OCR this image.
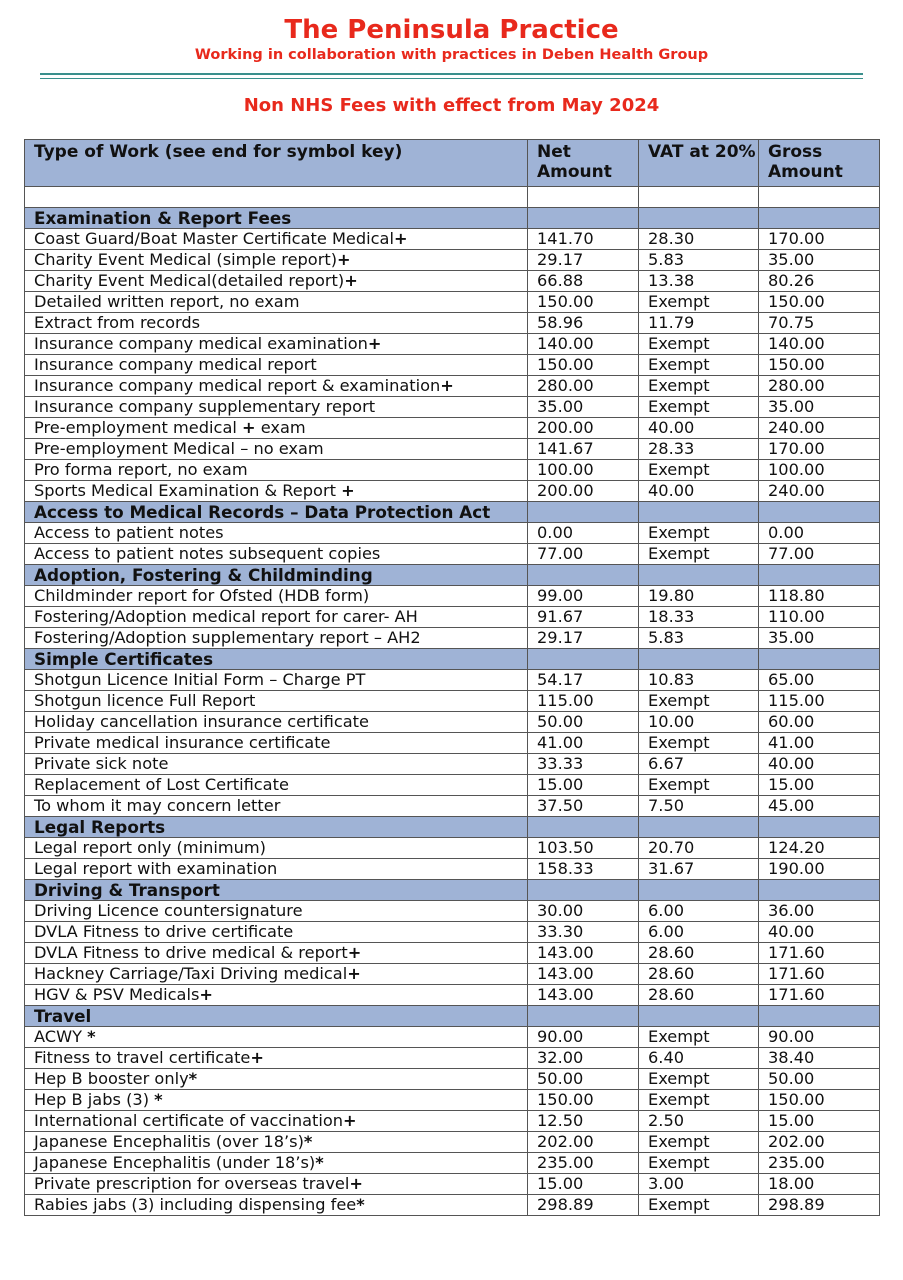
The Peninsula Practice
Working in collaboration with practices in Deben Health Group
Non NHS Fees with effect from May 2024
Type of Work (see end for symbol key)	Net Amount	VAT at 20%	Gross Amount

Examination & Report Fees			
Coast Guard/Boat Master Certificate Medical+	141.70	28.30	170.00
Charity Event Medical (simple report)+	29.17	5.83	35.00
Charity Event Medical(detailed report)+	66.88	13.38	80.26
Detailed written report, no exam	150.00	Exempt	150.00
Extract from records	58.96	11.79	70.75
Insurance company medical examination+	140.00	Exempt	140.00
Insurance company medical report	150.00	Exempt	150.00
Insurance company medical report & examination+	280.00	Exempt	280.00
Insurance company supplementary report	35.00	Exempt	35.00
Pre-employment medical + exam	200.00	40.00	240.00
Pre-employment Medical – no exam	141.67	28.33	170.00
Pro forma report, no exam	100.00	Exempt	100.00
Sports Medical Examination & Report +	200.00	40.00	240.00
Access to Medical Records – Data Protection Act			
Access to patient notes	0.00	Exempt	0.00
Access to patient notes subsequent copies	77.00	Exempt	77.00
Adoption, Fostering & Childminding			
Childminder report for Ofsted (HDB form)	99.00	19.80	118.80
Fostering/Adoption medical report for carer- AH	91.67	18.33	110.00
Fostering/Adoption supplementary report – AH2	29.17	5.83	35.00
Simple Certificates			
Shotgun Licence Initial Form – Charge PT	54.17	10.83	65.00
Shotgun licence Full Report	115.00	Exempt	115.00
Holiday cancellation insurance certificate	50.00	10.00	60.00
Private medical insurance certificate	41.00	Exempt	41.00
Private sick note	33.33	6.67	40.00
Replacement of Lost Certificate	15.00	Exempt	15.00
To whom it may concern letter	37.50	7.50	45.00
Legal Reports			
Legal report only (minimum)	103.50	20.70	124.20
Legal report with examination	158.33	31.67	190.00
Driving & Transport			
Driving Licence countersignature	30.00	6.00	36.00
DVLA Fitness to drive certificate	33.30	6.00	40.00
DVLA Fitness to drive medical & report+	143.00	28.60	171.60
Hackney Carriage/Taxi Driving medical+	143.00	28.60	171.60
HGV & PSV Medicals+	143.00	28.60	171.60
Travel			
ACWY *	90.00	Exempt	90.00
Fitness to travel certificate+	32.00	6.40	38.40
Hep B booster only*	50.00	Exempt	50.00
Hep B jabs (3) *	150.00	Exempt	150.00
International certificate of vaccination+	12.50	2.50	15.00
Japanese Encephalitis (over 18’s)*	202.00	Exempt	202.00
Japanese Encephalitis (under 18’s)*	235.00	Exempt	235.00
Private prescription for overseas travel+	15.00	3.00	18.00
Rabies jabs (3) including dispensing fee*	298.89	Exempt	298.89
